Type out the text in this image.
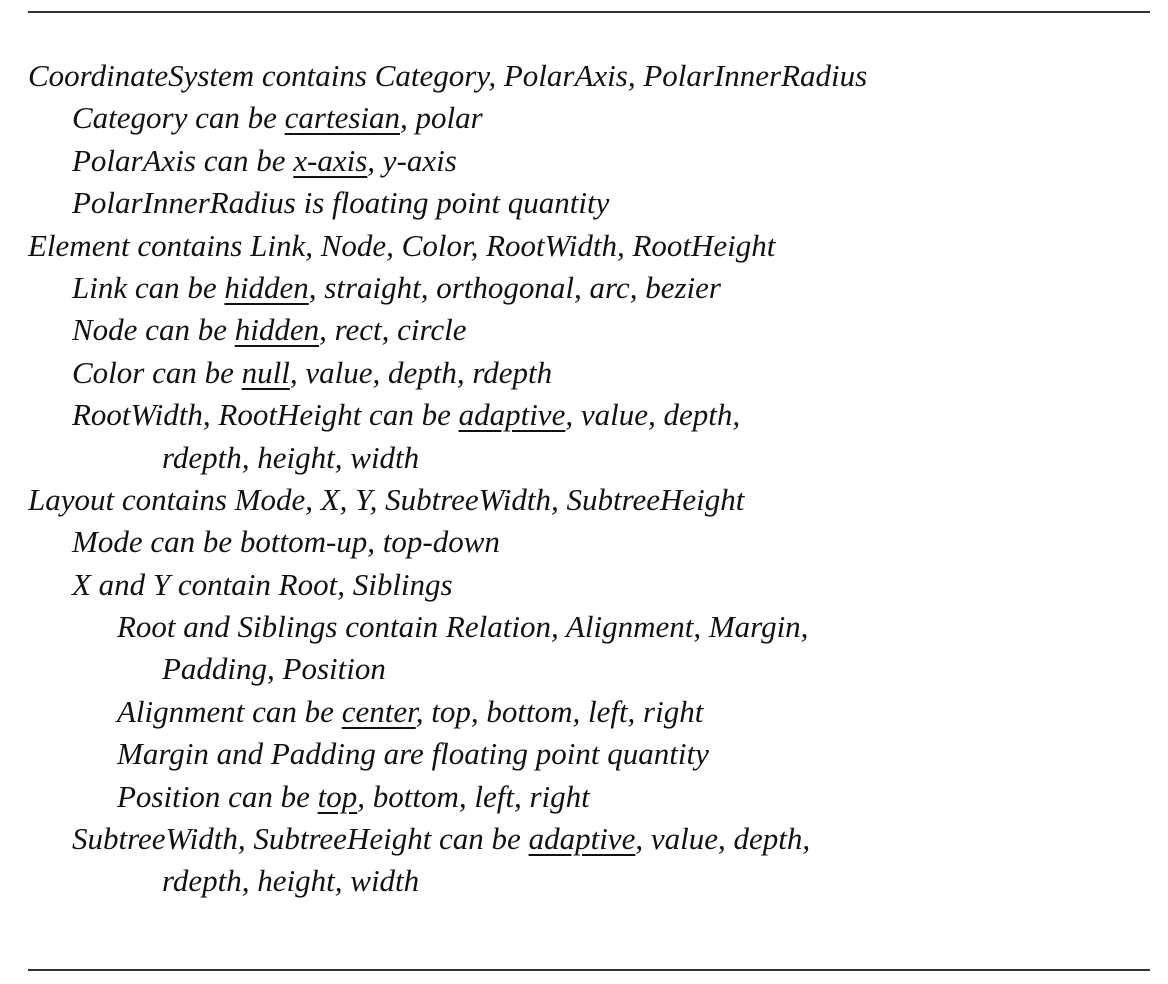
CoordinateSystem contains Category, PolarAxis, PolarInnerRadius
Category can be cartesian, polar
PolarAxis can be x-axis, y-axis
PolarInnerRadius is floating point quantity
Element contains Link, Node, Color, RootWidth, RootHeight
Link can be hidden, straight, orthogonal, arc, bezier
Node can be hidden, rect, circle
Color can be null, value, depth, rdepth
RootWidth, RootHeight can be adaptive, value, depth,
rdepth, height, width
Layout contains Mode, X, Y, SubtreeWidth, SubtreeHeight
Mode can be bottom-up, top-down
X and Y contain Root, Siblings
Root and Siblings contain Relation, Alignment, Margin,
Padding, Position
Alignment can be center, top, bottom, left, right
Margin and Padding are floating point quantity
Position can be top, bottom, left, right
SubtreeWidth, SubtreeHeight can be adaptive, value, depth,
rdepth, height, width
